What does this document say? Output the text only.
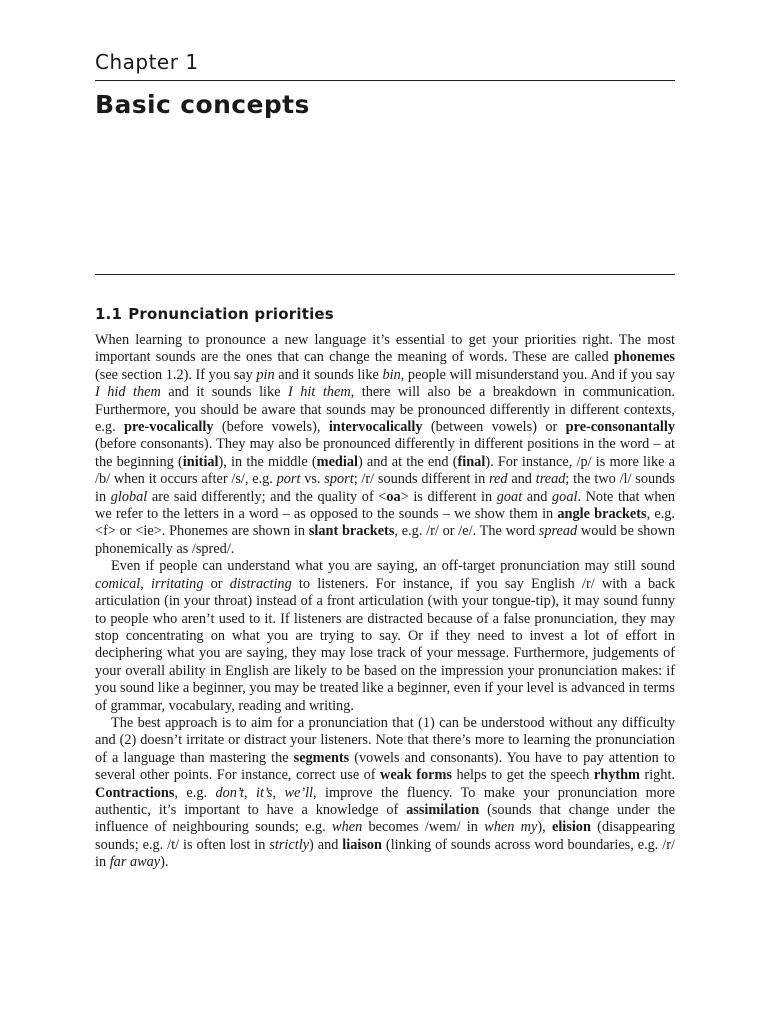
Chapter 1
Basic concepts
1.1 Pronunciation priorities

When learning to pronounce a new language it’s essential to get your priorities right. The most important sounds are the ones that can change the meaning of words. These are called phonemes (see section 1.2). If you say pin and it sounds like bin, people will misunderstand you. And if you say I hid them and it sounds like I hit them, there will also be a breakdown in communication. Furthermore, you should be aware that sounds may be pronounced differently in different contexts, e.g. pre-vocalically (before vowels), intervocalically (between vowels) or pre-consonantally (before consonants). They may also be pronounced differently in different positions in the word – at the beginning (initial), in the middle (medial) and at the end (final). For instance, /p/ is more like a /b/ when it occurs after /s/, e.g. port vs. sport; /r/ sounds different in red and tread; the two /l/ sounds in global are said differently; and the quality of <oa> is different in goat and goal. Note that when we refer to the letters in a word – as opposed to the sounds – we show them in angle brackets, e.g. <f> or <ie>. Phonemes are shown in slant brackets, e.g. /r/ or /e/. The word spread would be shown phonemically as /spred/.

Even if people can understand what you are saying, an off-target pronunciation may still sound comical, irritating or distracting to listeners. For instance, if you say English /r/ with a back articulation (in your throat) instead of a front articulation (with your tongue-tip), it may sound funny to people who aren’t used to it. If listeners are distracted because of a false pronunciation, they may stop concentrating on what you are trying to say. Or if they need to invest a lot of effort in deciphering what you are saying, they may lose track of your message. Furthermore, judgements of your overall ability in English are likely to be based on the impression your pronunciation makes: if you sound like a beginner, you may be treated like a beginner, even if your level is advanced in terms of grammar, vocabulary, reading and writing.

The best approach is to aim for a pronunciation that (1) can be understood without any difficulty and (2) doesn’t irritate or distract your listeners. Note that there’s more to learning the pronunciation of a language than mastering the segments (vowels and consonants). You have to pay attention to several other points. For instance, correct use of weak forms helps to get the speech rhythm right. Contractions, e.g. don’t, it’s, we’ll, improve the fluency. To make your pronunciation more authentic, it’s important to have a knowledge of assimilation (sounds that change under the influence of neighbouring sounds; e.g. when becomes /wem/ in when my), elision (disappearing sounds; e.g. /t/ is often lost in strictly) and liaison (linking of sounds across word boundaries, e.g. /r/ in far away).
